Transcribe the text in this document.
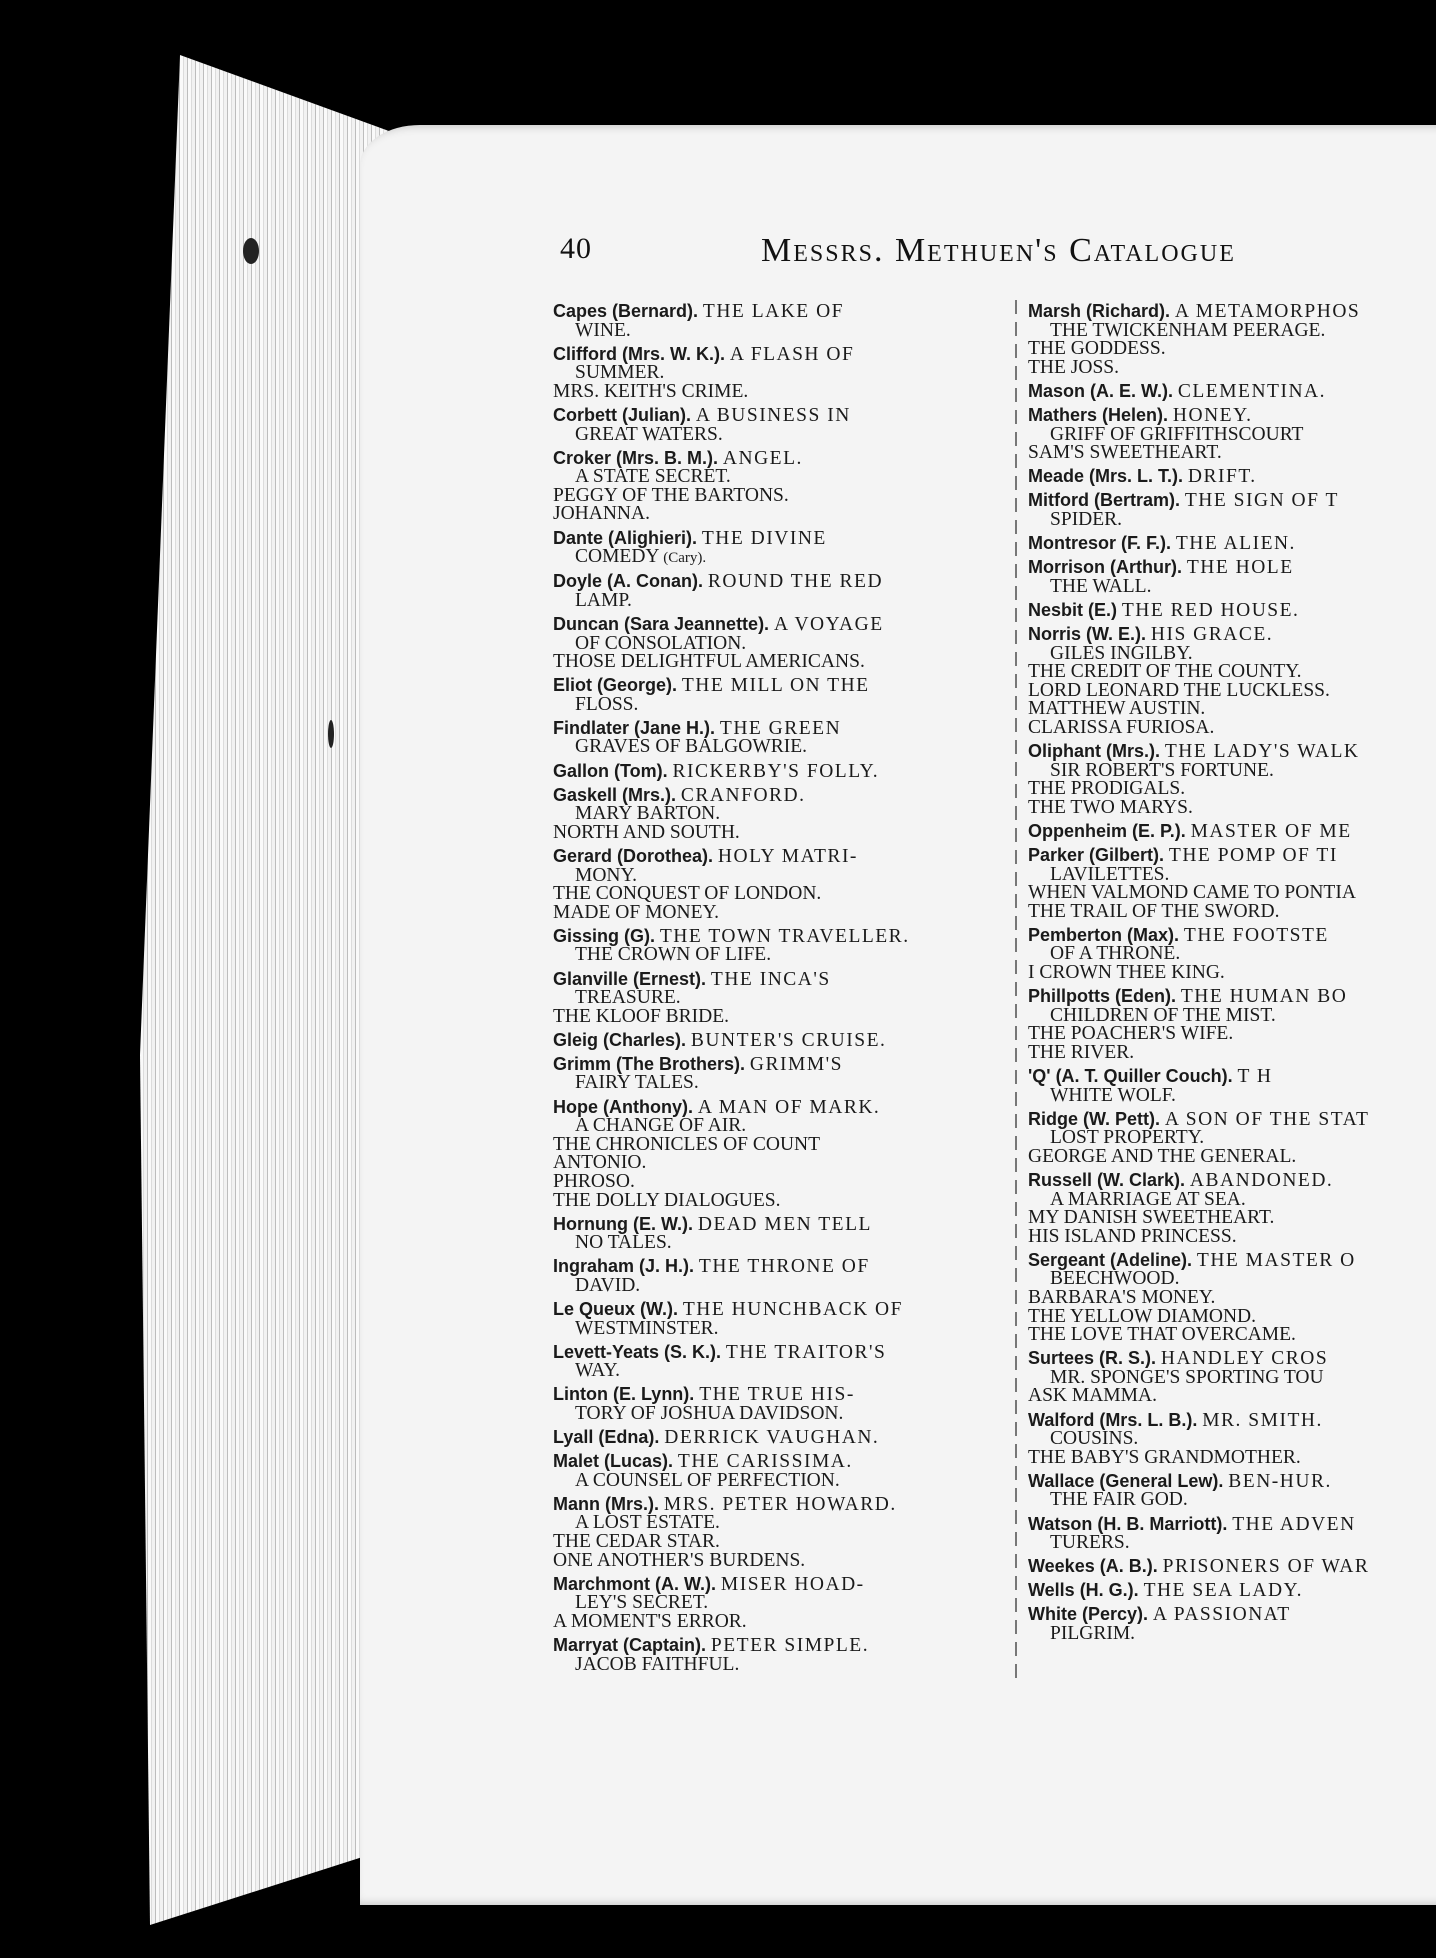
40	Messrs. Methuen's Catalogue
Capes (Bernard). THE LAKE OF
WINE.
Clifford (Mrs. W. K.). A FLASH OF
SUMMER.
MRS. KEITH'S CRIME.
Corbett (Julian). A BUSINESS IN
GREAT WATERS.
Croker (Mrs. B. M.). ANGEL.
A STATE SECRET.
PEGGY OF THE BARTONS.
JOHANNA.
Dante (Alighieri). THE DIVINE
COMEDY (Cary).
Doyle (A. Conan). ROUND THE RED
LAMP.
Duncan (Sara Jeannette). A VOYAGE
OF CONSOLATION.
THOSE DELIGHTFUL AMERICANS.
Eliot (George). THE MILL ON THE
FLOSS.
Findlater (Jane H.). THE GREEN
GRAVES OF BALGOWRIE.
Gallon (Tom). RICKERBY'S FOLLY.
Gaskell (Mrs.). CRANFORD.
MARY BARTON.
NORTH AND SOUTH.
Gerard (Dorothea). HOLY MATRI-
MONY.
THE CONQUEST OF LONDON.
MADE OF MONEY.
Gissing (G). THE TOWN TRAVELLER.
THE CROWN OF LIFE.
Glanville (Ernest). THE INCA'S
TREASURE.
THE KLOOF BRIDE.
Gleig (Charles). BUNTER'S CRUISE.
Grimm (The Brothers). GRIMM'S
FAIRY TALES.
Hope (Anthony). A MAN OF MARK.
A CHANGE OF AIR.
THE CHRONICLES OF COUNT
ANTONIO.
PHROSO.
THE DOLLY DIALOGUES.
Hornung (E. W.). DEAD MEN TELL
NO TALES.
Ingraham (J. H.). THE THRONE OF
DAVID.
Le Queux (W.). THE HUNCHBACK OF
WESTMINSTER.
Levett-Yeats (S. K.). THE TRAITOR'S
WAY.
Linton (E. Lynn). THE TRUE HIS-
TORY OF JOSHUA DAVIDSON.
Lyall (Edna). DERRICK VAUGHAN.
Malet (Lucas). THE CARISSIMA.
A COUNSEL OF PERFECTION.
Mann (Mrs.). MRS. PETER HOWARD.
A LOST ESTATE.
THE CEDAR STAR.
ONE ANOTHER'S BURDENS.
Marchmont (A. W.). MISER HOAD-
LEY'S SECRET.
A MOMENT'S ERROR.
Marryat (Captain). PETER SIMPLE.
JACOB FAITHFUL.
Marsh (Richard). A METAMORPHOS
THE TWICKENHAM PEERAGE.
THE GODDESS.
THE JOSS.
Mason (A. E. W.). CLEMENTINA.
Mathers (Helen). HONEY.
GRIFF OF GRIFFITHSCOURT
SAM'S SWEETHEART.
Meade (Mrs. L. T.). DRIFT.
Mitford (Bertram). THE SIGN OF T
SPIDER.
Montresor (F. F.). THE ALIEN.
Morrison (Arthur). THE HOLE
THE WALL.
Nesbit (E.) THE RED HOUSE.
Norris (W. E.). HIS GRACE.
GILES INGILBY.
THE CREDIT OF THE COUNTY.
LORD LEONARD THE LUCKLESS.
MATTHEW AUSTIN.
CLARISSA FURIOSA.
Oliphant (Mrs.). THE LADY'S WALK
SIR ROBERT'S FORTUNE.
THE PRODIGALS.
THE TWO MARYS.
Oppenheim (E. P.). MASTER OF ME
Parker (Gilbert). THE POMP OF TI
LAVILETTES.
WHEN VALMOND CAME TO PONTIA
THE TRAIL OF THE SWORD.
Pemberton (Max). THE FOOTSTE
OF A THRONE.
I CROWN THEE KING.
Phillpotts (Eden). THE HUMAN BO
CHILDREN OF THE MIST.
THE POACHER'S WIFE.
THE RIVER.
'Q' (A. T. Quiller Couch). T H
WHITE WOLF.
Ridge (W. Pett). A SON OF THE STAT
LOST PROPERTY.
GEORGE AND THE GENERAL.
Russell (W. Clark). ABANDONED.
A MARRIAGE AT SEA.
MY DANISH SWEETHEART.
HIS ISLAND PRINCESS.
Sergeant (Adeline). THE MASTER O
BEECHWOOD.
BARBARA'S MONEY.
THE YELLOW DIAMOND.
THE LOVE THAT OVERCAME.
Surtees (R. S.). HANDLEY CROS
MR. SPONGE'S SPORTING TOU
ASK MAMMA.
Walford (Mrs. L. B.). MR. SMITH.
COUSINS.
THE BABY'S GRANDMOTHER.
Wallace (General Lew). BEN-HUR.
THE FAIR GOD.
Watson (H. B. Marriott). THE ADVEN
TURERS.
Weekes (A. B.). PRISONERS OF WAR
Wells (H. G.). THE SEA LADY.
White (Percy). A PASSIONAT
PILGRIM.
